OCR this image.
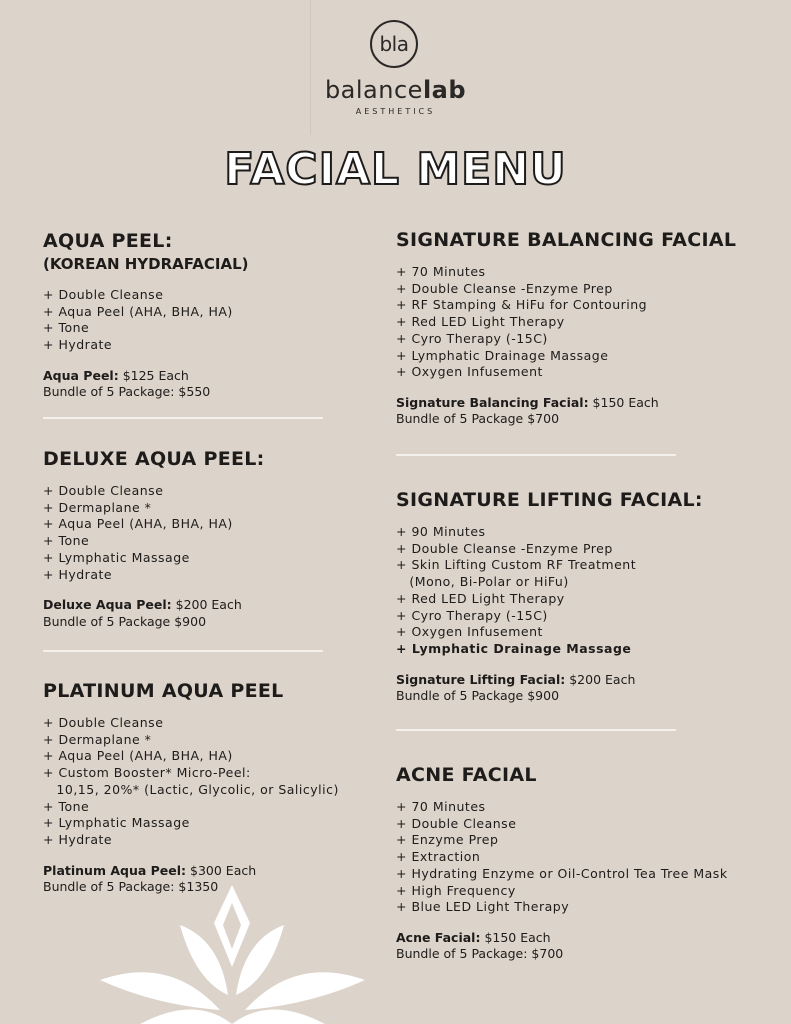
bla
balancelab
AESTHETICS
FACIAL MENU
AQUA PEEL:
(KOREAN HYDRAFACIAL)
+ Double Cleanse
+ Aqua Peel (AHA, BHA, HA)
+ Tone
+ Hydrate
Aqua Peel: $125 Each
Bundle of 5 Package: $550
DELUXE AQUA PEEL:
+ Double Cleanse
+ Dermaplane *
+ Aqua Peel (AHA, BHA, HA)
+ Tone
+ Lymphatic Massage
+ Hydrate
Deluxe Aqua Peel: $200 Each
Bundle of 5 Package $900
PLATINUM AQUA PEEL
+ Double Cleanse
+ Dermaplane *
+ Aqua Peel (AHA, BHA, HA)
+ Custom Booster* Micro-Peel:
10,15, 20%* (Lactic, Glycolic, or Salicylic)
+ Tone
+ Lymphatic Massage
+ Hydrate
Platinum Aqua Peel: $300 Each
Bundle of 5 Package: $1350
SIGNATURE BALANCING FACIAL
+ 70 Minutes
+ Double Cleanse -Enzyme Prep
+ RF Stamping & HiFu for Contouring
+ Red LED Light Therapy
+ Cyro Therapy (-15C)
+ Lymphatic Drainage Massage
+ Oxygen Infusement
Signature Balancing Facial: $150 Each
Bundle of 5 Package $700
SIGNATURE LIFTING FACIAL:
+ 90 Minutes
+ Double Cleanse -Enzyme Prep
+ Skin Lifting Custom RF Treatment
(Mono, Bi-Polar or HiFu)
+ Red LED Light Therapy
+ Cyro Therapy (-15C)
+ Oxygen Infusement
+ Lymphatic Drainage Massage
Signature Lifting Facial: $200 Each
Bundle of 5 Package $900
ACNE FACIAL
+ 70 Minutes
+ Double Cleanse
+ Enzyme Prep
+ Extraction
+ Hydrating Enzyme or Oil-Control Tea Tree Mask
+ High Frequency
+ Blue LED Light Therapy
Acne Facial: $150 Each
Bundle of 5 Package: $700
